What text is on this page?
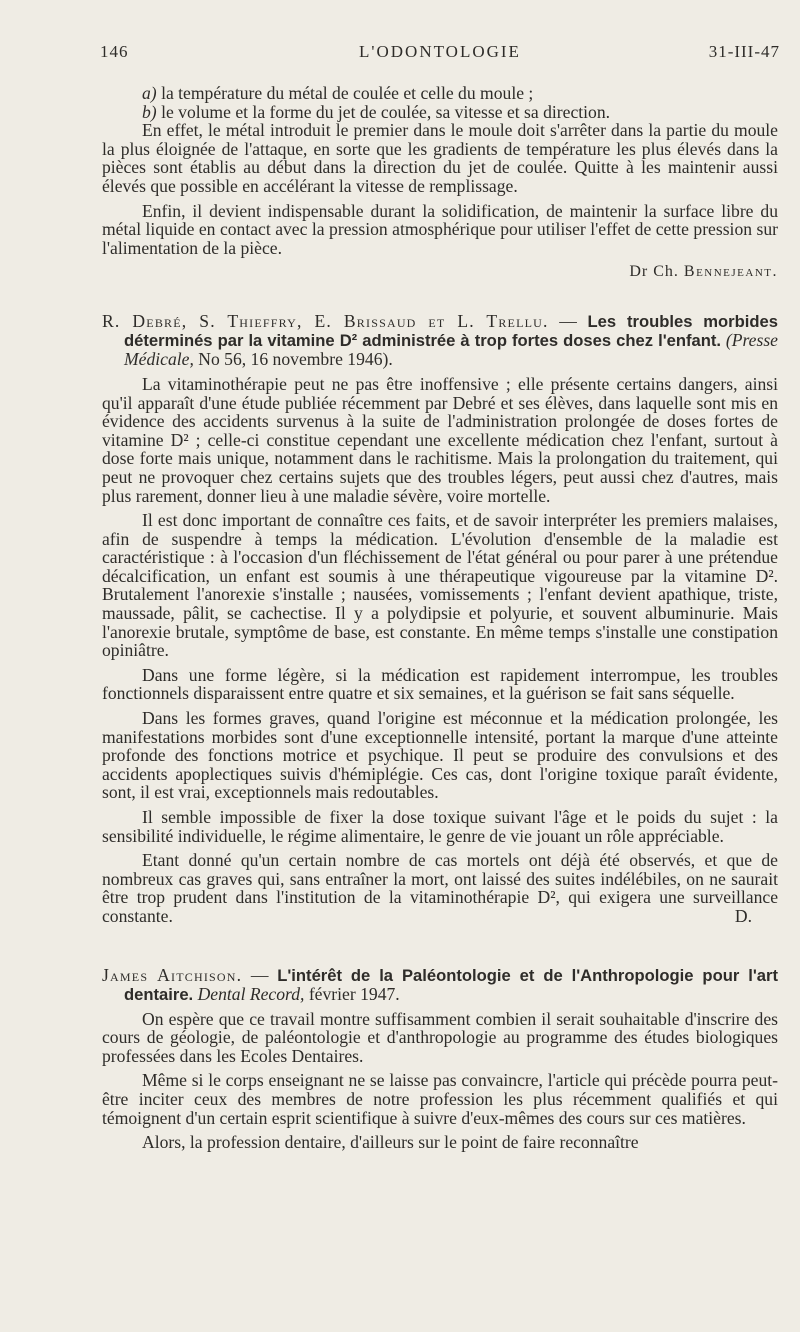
146	L'ODONTOLOGIE	31-III-47

a) la température du métal de coulée et celle du moule ;

b) le volume et la forme du jet de coulée, sa vitesse et sa direction.

En effet, le métal introduit le premier dans le moule doit s'arrêter dans la partie du moule la plus éloignée de l'attaque, en sorte que les gradients de température les plus élevés dans la pièces sont établis au début dans la direction du jet de coulée. Quitte à les maintenir aussi élevés que possible en accélérant la vitesse de remplissage.

Enfin, il devient indispensable durant la solidification, de maintenir la surface libre du métal liquide en contact avec la pression atmosphérique pour utiliser l'effet de cette pression sur l'alimentation de la pièce.

Dr Ch. Bennejeant.

R. Debré, S. Thieffry, E. Brissaud et L. Trellu. — Les troubles morbides déterminés par la vitamine D² administrée à trop fortes doses chez l'enfant. (Presse Médicale, No 56, 16 novembre 1946).

La vitaminothérapie peut ne pas être inoffensive ; elle présente certains dangers, ainsi qu'il apparaît d'une étude publiée récemment par Debré et ses élèves, dans laquelle sont mis en évidence des accidents survenus à la suite de l'administration prolongée de doses fortes de vitamine D² ; celle-ci constitue cependant une excellente médication chez l'enfant, surtout à dose forte mais unique, notamment dans le rachitisme. Mais la prolongation du traitement, qui peut ne provoquer chez certains sujets que des troubles légers, peut aussi chez d'autres, mais plus rarement, donner lieu à une maladie sévère, voire mortelle.

Il est donc important de connaître ces faits, et de savoir interpréter les premiers malaises, afin de suspendre à temps la médication. L'évolution d'ensemble de la maladie est caractéristique : à l'occasion d'un fléchissement de l'état général ou pour parer à une prétendue décalcification, un enfant est soumis à une thérapeutique vigoureuse par la vitamine D². Brutalement l'anorexie s'installe ; nausées, vomissements ; l'enfant devient apathique, triste, maussade, pâlit, se cachectise. Il y a polydipsie et polyurie, et souvent albuminurie. Mais l'anorexie brutale, symptôme de base, est constante. En même temps s'installe une constipation opiniâtre.

Dans une forme légère, si la médication est rapidement interrompue, les troubles fonctionnels disparaissent entre quatre et six semaines, et la guérison se fait sans séquelle.

Dans les formes graves, quand l'origine est méconnue et la médication prolongée, les manifestations morbides sont d'une exceptionnelle intensité, portant la marque d'une atteinte profonde des fonctions motrice et psychique. Il peut se produire des convulsions et des accidents apoplectiques suivis d'hémiplégie. Ces cas, dont l'origine toxique paraît évidente, sont, il est vrai, exceptionnels mais redoutables.

Il semble impossible de fixer la dose toxique suivant l'âge et le poids du sujet : la sensibilité individuelle, le régime alimentaire, le genre de vie jouant un rôle appréciable.

Etant donné qu'un certain nombre de cas mortels ont déjà été observés, et que de nombreux cas graves qui, sans entraîner la mort, ont laissé des suites indélébiles, on ne saurait être trop prudent dans l'institution de la vitaminothérapie D², qui exigera une surveillance constante.	D.

James Aitchison. — L'intérêt de la Paléontologie et de l'Anthropologie pour l'art dentaire. Dental Record, février 1947.

On espère que ce travail montre suffisamment combien il serait souhaitable d'inscrire des cours de géologie, de paléontologie et d'anthropologie au programme des études biologiques professées dans les Ecoles Dentaires.

Même si le corps enseignant ne se laisse pas convaincre, l'article qui précède pourra peut-être inciter ceux des membres de notre profession les plus récemment qualifiés et qui témoignent d'un certain esprit scientifique à suivre d'eux-mêmes des cours sur ces matières.

Alors, la profession dentaire, d'ailleurs sur le point de faire reconnaître
